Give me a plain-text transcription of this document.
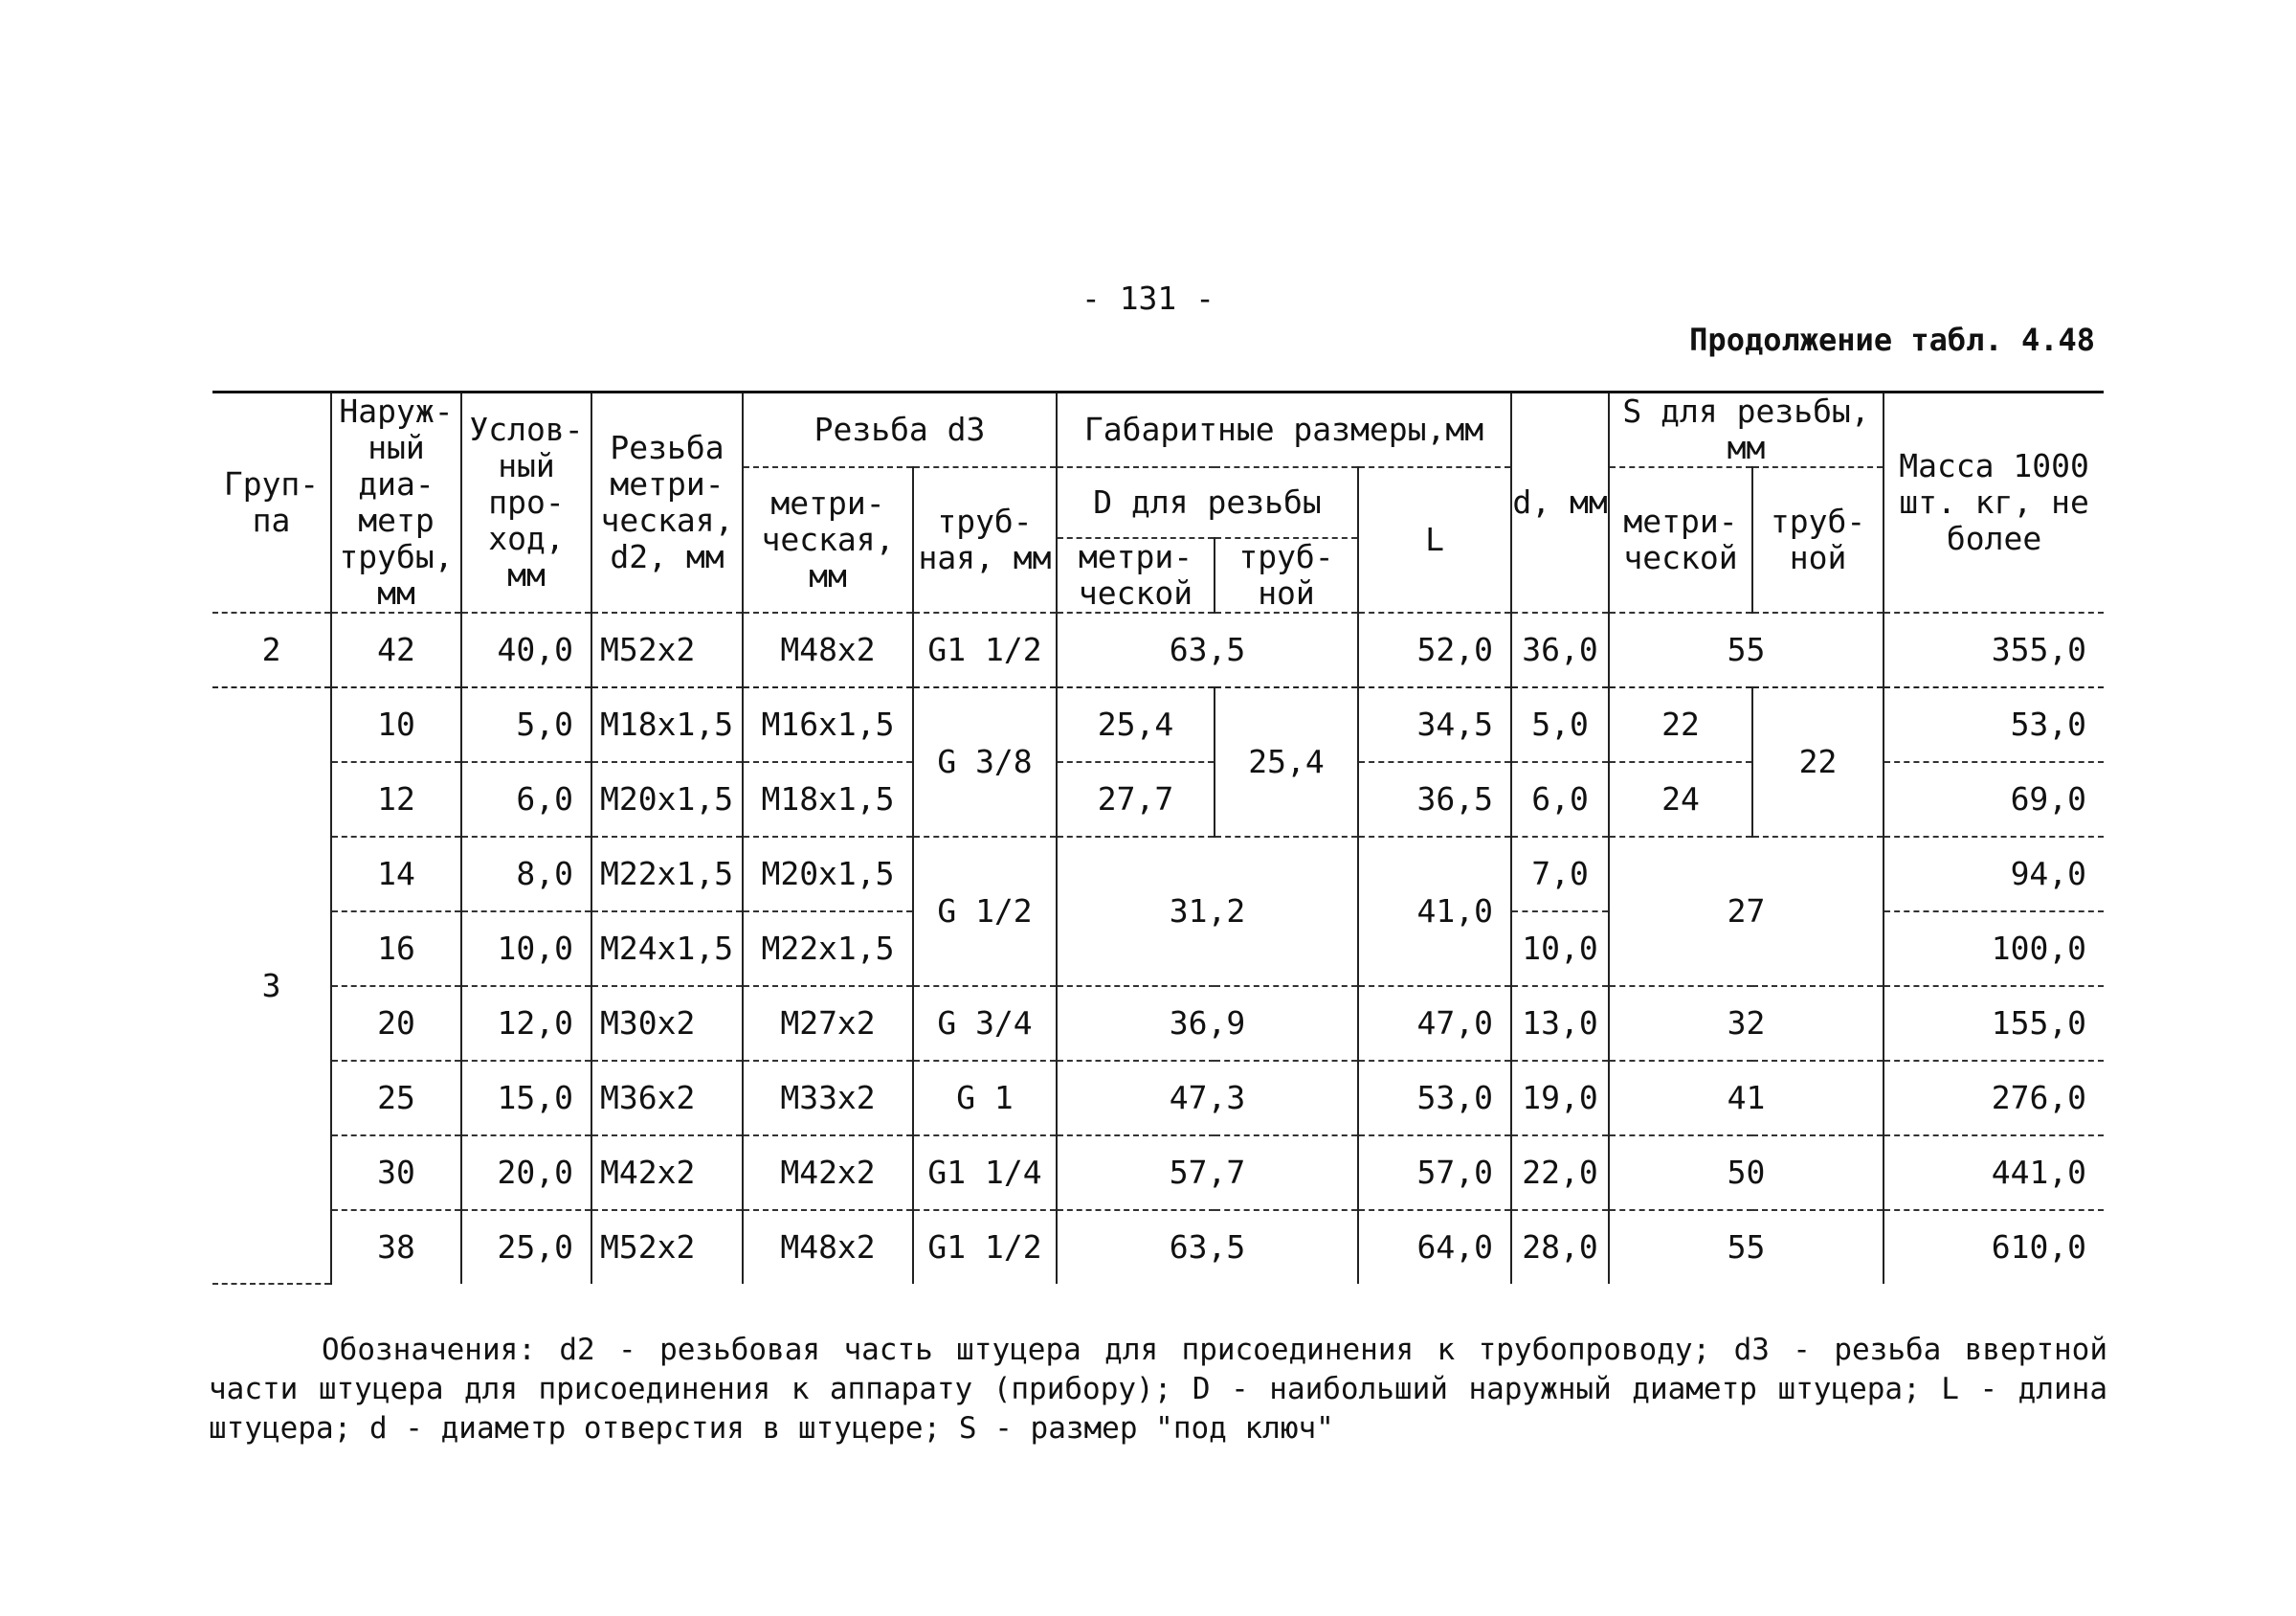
- 131 -
Продолжение табл. 4.48
Груп-па	Наруж-ный диа-метр трубы, мм	Услов-ный про-ход, мм	Резьба метри-ческая, d2, мм	Резьба d3		Габаритные размеры,мм			d, мм	S для резьбы, мм		Масса 1000 шт. кг, не более
				метри-ческая, мм	труб-ная, мм	D для резьбы		L		метри-ческой	труб-ной	
						метри-ческой	труб-ной					
2	42	40,0	М52х2	М48х2	G1 1/2	63,5		52,0	36,0	55		355,0
3	10	5,0	М18х1,5	М16х1,5	G 3/8	25,4	25,4	34,5	5,0	22	22	53,0
	12	6,0	М20х1,5	М18х1,5		27,7		36,5	6,0	24		69,0
	14	8,0	М22х1,5	М20х1,5	G 1/2	31,2		41,0	7,0	27		94,0
	16	10,0	М24х1,5	М22х1,5					10,0			100,0
	20	12,0	М30х2	М27х2	G 3/4	36,9		47,0	13,0	32		155,0
	25	15,0	М36х2	М33х2	G 1	47,3		53,0	19,0	41		276,0
	30	20,0	М42х2	М42х2	G1 1/4	57,7		57,0	22,0	50		441,0
	38	25,0	М52х2	М48х2	G1 1/2	63,5		64,0	28,0	55		610,0
Обозначения: d2 - резьбовая часть штуцера для присоединения к трубопроводу; d3 - резьба ввертной части штуцера для присоединения к аппарату (прибору); D - наибольший наружный диаметр штуцера; L - длина штуцера; d - диаметр отверстия в штуцере; S - размер "под ключ"
